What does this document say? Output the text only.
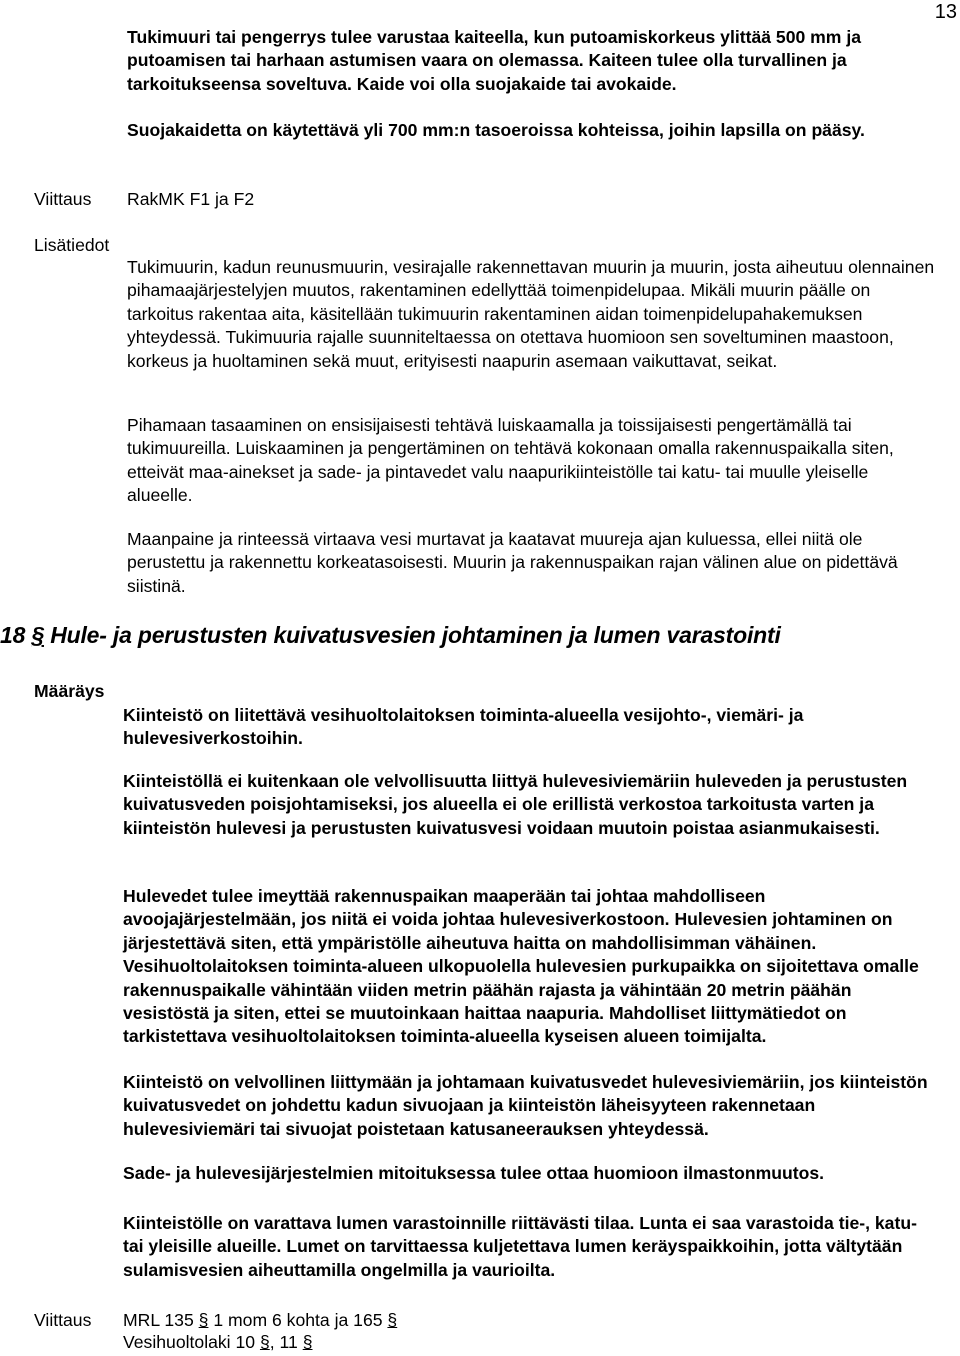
13

Tukimuuri tai pengerrys tulee varustaa kaiteella, kun putoamiskorkeus ylittää 500 mm ja putoamisen tai harhaan astumisen vaara on olemassa. Kaiteen tulee olla turvallinen ja tarkoitukseensa soveltuva. Kaide voi olla suojakaide tai avokaide.

Suojakaidetta on käytettävä yli 700 mm:n tasoeroissa kohteissa, joihin lapsilla on pääsy.

Viittaus RakMK F1 ja F2
Lisätiedot

Tukimuurin, kadun reunusmuurin, vesirajalle rakennettavan muurin ja muurin, josta aiheutuu olennainen pihamaajärjestelyjen muutos, rakentaminen edellyttää toimenpidelupaa. Mikäli muurin päälle on tarkoitus rakentaa aita, käsitellään tukimuurin rakentaminen aidan toimenpidelupahakemuksen yhteydessä. Tukimuuria rajalle suunniteltaessa on otettava huomioon sen soveltuminen maastoon, korkeus ja huoltaminen sekä muut, erityisesti naapurin asemaan vaikuttavat, seikat.

Pihamaan tasaaminen on ensisijaisesti tehtävä luiskaamalla ja toissijaisesti pengertämällä tai tukimuureilla. Luiskaaminen ja pengertäminen on tehtävä kokonaan omalla rakennuspaikalla siten, etteivät maa-ainekset ja sade- ja pintavedet valu naapurikiinteistölle tai katu- tai muulle yleiselle alueelle.

Maanpaine ja rinteessä virtaava vesi murtavat ja kaatavat muureja ajan kuluessa, ellei niitä ole perustettu ja rakennettu korkeatasoisesti. Muurin ja rakennuspaikan rajan välinen alue on pidettävä siistinä.

18 § Hule- ja perustusten kuivatusvesien johtaminen ja lumen varastointi
Määräys

Kiinteistö on liitettävä vesihuoltolaitoksen toiminta-alueella vesijohto-, viemäri- ja hulevesiverkostoihin.

Kiinteistöllä ei kuitenkaan ole velvollisuutta liittyä hulevesiviemäriin huleveden ja perustusten kuivatusveden poisjohtamiseksi, jos alueella ei ole erillistä verkostoa tarkoitusta varten ja kiinteistön hulevesi ja perustusten kuivatusvesi voidaan muutoin poistaa asianmukaisesti.

Hulevedet tulee imeyttää rakennuspaikan maaperään tai johtaa mahdolliseen avoojajärjestelmään, jos niitä ei voida johtaa hulevesiverkostoon. Hulevesien johtaminen on järjestettävä siten, että ympäristölle aiheutuva haitta on mahdollisimman vähäinen. Vesihuoltolaitoksen toiminta-alueen ulkopuolella hulevesien purkupaikka on sijoitettava omalle rakennuspaikalle vähintään viiden metrin päähän rajasta ja vähintään 20 metrin päähän vesistöstä ja siten, ettei se muutoinkaan haittaa naapuria. Mahdolliset liittymätiedot on tarkistettava vesihuoltolaitoksen toiminta-alueella kyseisen alueen toimijalta.

Kiinteistö on velvollinen liittymään ja johtamaan kuivatusvedet hulevesiviemäriin, jos kiinteistön kuivatusvedet on johdettu kadun sivuojaan ja kiinteistön läheisyyteen rakennetaan hulevesiviemäri tai sivuojat poistetaan katusaneerauksen yhteydessä.

Sade- ja hulevesijärjestelmien mitoituksessa tulee ottaa huomioon ilmastonmuutos.

Kiinteistölle on varattava lumen varastoinnille riittävästi tilaa. Lunta ei saa varastoida tie-, katu- tai yleisille alueille. Lumet on tarvittaessa kuljetettava lumen keräyspaikkoihin, jotta vältytään sulamisvesien aiheuttamilla ongelmilla ja vaurioilta.

Viittaus MRL 135 § 1 mom 6 kohta ja 165 §
Vesihuoltolaki 10 §, 11 §
